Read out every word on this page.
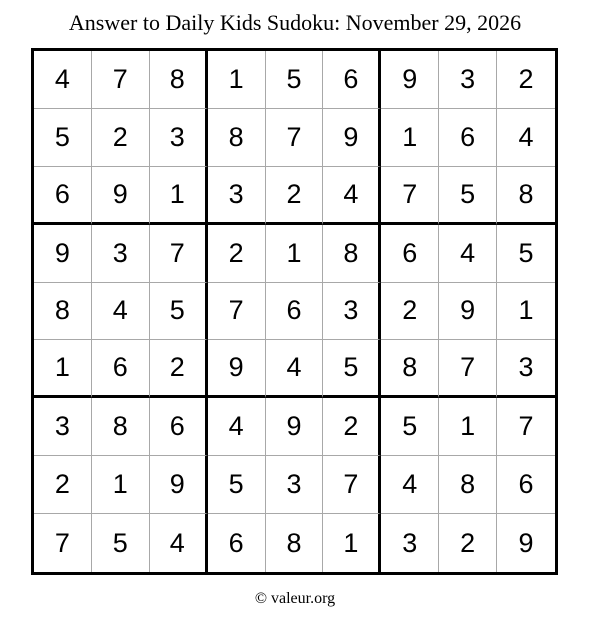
Answer to Daily Kids Sudoku: November 29, 2026
4	7	8	1	5	6	9	3	2
5	2	3	8	7	9	1	6	4
6	9	1	3	2	4	7	5	8
9	3	7	2	1	8	6	4	5
8	4	5	7	6	3	2	9	1
1	6	2	9	4	5	8	7	3
3	8	6	4	9	2	5	1	7
2	1	9	5	3	7	4	8	6
7	5	4	6	8	1	3	2	9
© valeur.org
